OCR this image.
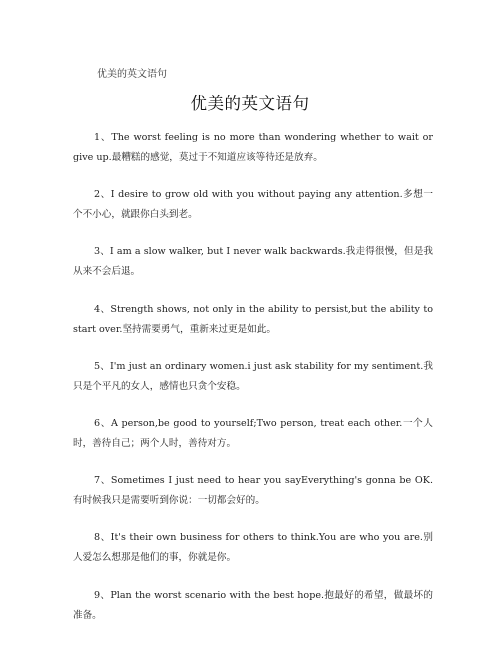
优美的英文语句
优美的英文语句

1、The worst feeling is no more than wondering whether to wait or give up.最糟糕的感觉，莫过于不知道应该等待还是放弃。

2、I desire to grow old with you without paying any attention.多想一个不小心，就跟你白头到老。

3、I am a slow walker, but I never walk backwards.我走得很慢，但是我从来不会后退。

4、Strength shows, not only in the ability to persist,but the ability to start over.坚持需要勇气，重新来过更是如此。

5、I'm just an ordinary women.i just ask stability for my sentiment.我只是个平凡的女人，感情也只贪个安稳。

6、A person,be good to yourself;Two person, treat each other.一个人时，善待自己；两个人时，善待对方。

7、Sometimes I just need to hear you sayEverything's gonna be OK.有时候我只是需要听到你说：一切都会好的。

8、It's their own business for others to think.You are who you are.别人爱怎么想那是他们的事，你就是你。

9、Plan the worst scenario with the best hope.抱最好的希望，做最坏的准备。
